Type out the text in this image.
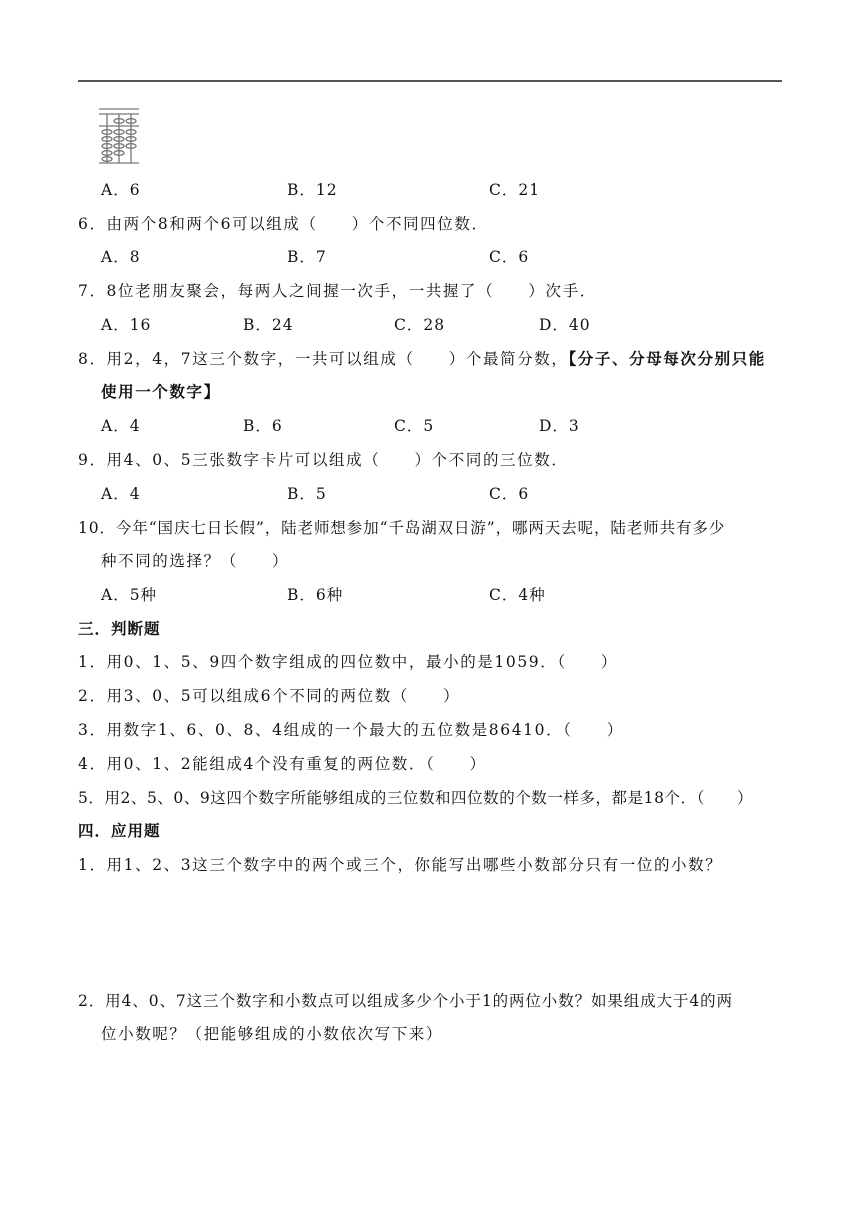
A．6	B．12	C．21
6．由两个8和两个6可以组成（　　）个不同四位数．
A．8	B．7	C．6
7．8位老朋友聚会，每两人之间握一次手，一共握了（　　）次手．
A．16	B．24	C．28	D．40
8．用2，4，7这三个数字，一共可以组成（　　）个最简分数，【分子、分母每次分别只能
使用一个数字】
A．4	B．6	C．5	D．3
9．用4、0、5三张数字卡片可以组成（　　）个不同的三位数．
A．4	B．5	C．6
10．今年“国庆七日长假”，陆老师想参加“千岛湖双日游”，哪两天去呢，陆老师共有多少
种不同的选择？（　　）
A．5种	B．6种	C．4种
三．判断题
1．用0、1、5、9四个数字组成的四位数中，最小的是1059．（　　）
2．用3、0、5可以组成6个不同的两位数（　　）
3．用数字1、6、0、8、4组成的一个最大的五位数是86410．（　　）
4．用0、1、2能组成4个没有重复的两位数．（　　）
5．用2、5、0、9这四个数字所能够组成的三位数和四位数的个数一样多，都是18个．（　　）
四．应用题
1．用1、2、3这三个数字中的两个或三个，你能写出哪些小数部分只有一位的小数？
2．用4、0、7这三个数字和小数点可以组成多少个小于1的两位小数？如果组成大于4的两
位小数呢？（把能够组成的小数依次写下来）
